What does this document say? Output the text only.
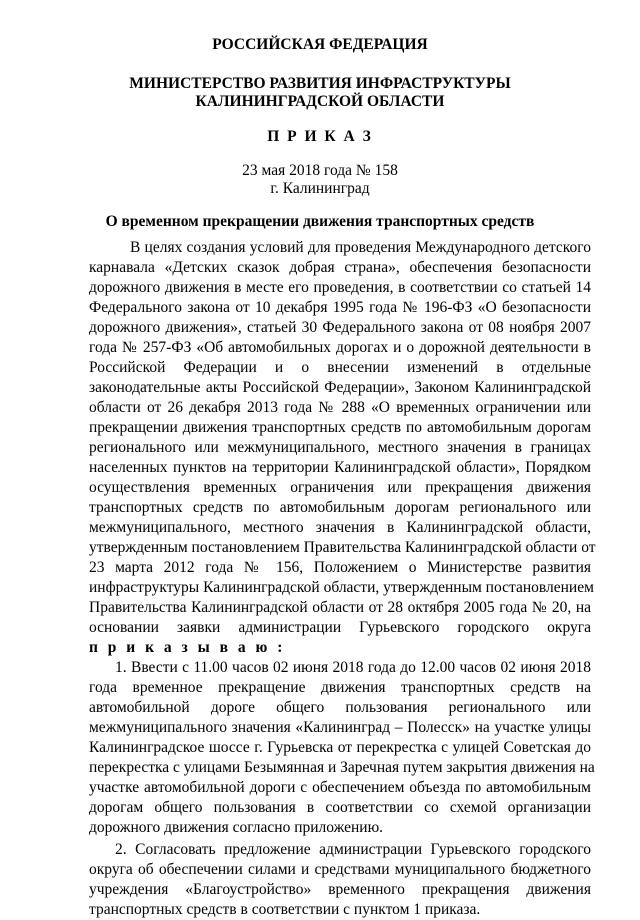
РОССИЙСКАЯ ФЕДЕРАЦИЯ
МИНИСТЕРСТВО РАЗВИТИЯ ИНФРАСТРУКТУРЫ
КАЛИНИНГРАДСКОЙ ОБЛАСТИ
П Р И К А З
23 мая 2018 года № 158
г. Калининград
О временном прекращении движения транспортных средств
В целях создания условий для проведения Международного детского
карнавала «Детских сказок добрая страна», обеспечения безопасности
дорожного движения в месте его проведения, в соответствии со статьей 14
Федерального закона от 10 декабря 1995 года № 196-ФЗ «О безопасности
дорожного движения», статьей 30 Федерального закона от 08 ноября 2007
года № 257-ФЗ «Об автомобильных дорогах и о дорожной деятельности в
Российской Федерации и о внесении изменений в отдельные
законодательные акты Российской Федерации», Законом Калининградской
области от 26 декабря 2013 года № 288 «О временных ограничении или
прекращении движения транспортных средств по автомобильным дорогам
регионального или межмуниципального, местного значения в границах
населенных пунктов на территории Калининградской области», Порядком
осуществления временных ограничения или прекращения движения
транспортных средств по автомобильным дорогам регионального или
межмуниципального, местного значения в Калининградской области,
утвержденным постановлением Правительства Калининградской области от
23 марта 2012 года № 156, Положением о Министерстве развития
инфраструктуры Калининградской области, утвержденным постановлением
Правительства Калининградской области от 28 октября 2005 года № 20, на
основании заявки администрации Гурьевского городского округа
п р и к а з ы в а ю :
1. Ввести с 11.00 часов 02 июня 2018 года до 12.00 часов 02 июня 2018
года временное прекращение движения транспортных средств на
автомобильной дороге общего пользования регионального или
межмуниципального значения «Калининград – Полесск» на участке улицы
Калининградское шоссе г. Гурьевска от перекрестка с улицей Советская до
перекрестка с улицами Безымянная и Заречная путем закрытия движения на
участке автомобильной дороги с обеспечением объезда по автомобильным
дорогам общего пользования в соответствии со схемой организации
дорожного движения согласно приложению.
2. Согласовать предложение администрации Гурьевского городского
округа об обеспечении силами и средствами муниципального бюджетного
учреждения «Благоустройство» временного прекращения движения
транспортных средств в соответствии с пунктом 1 приказа.
